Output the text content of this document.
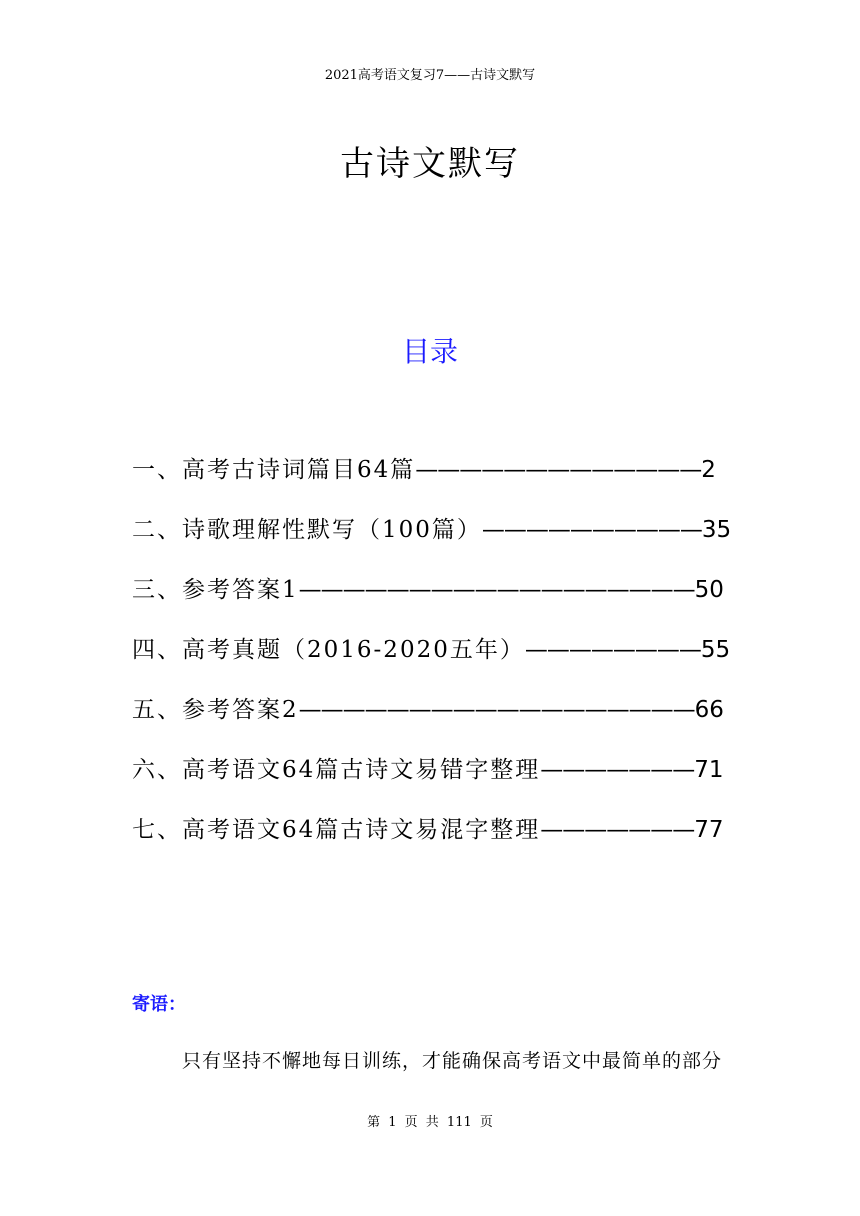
2021高考语文复习7——古诗文默写
古诗文默写
目录
一、高考古诗词篇目64篇—————————————2
二、诗歌理解性默写（100篇）——————————35
三、参考答案1——————————————————50
四、高考真题（2016-2020五年）————————55
五、参考答案2——————————————————66
六、高考语文64篇古诗文易错字整理———————71
七、高考语文64篇古诗文易混字整理———————77
寄语：
只有坚持不懈地每日训练，才能确保高考语文中最简单的部分
第 1 页 共 111 页
